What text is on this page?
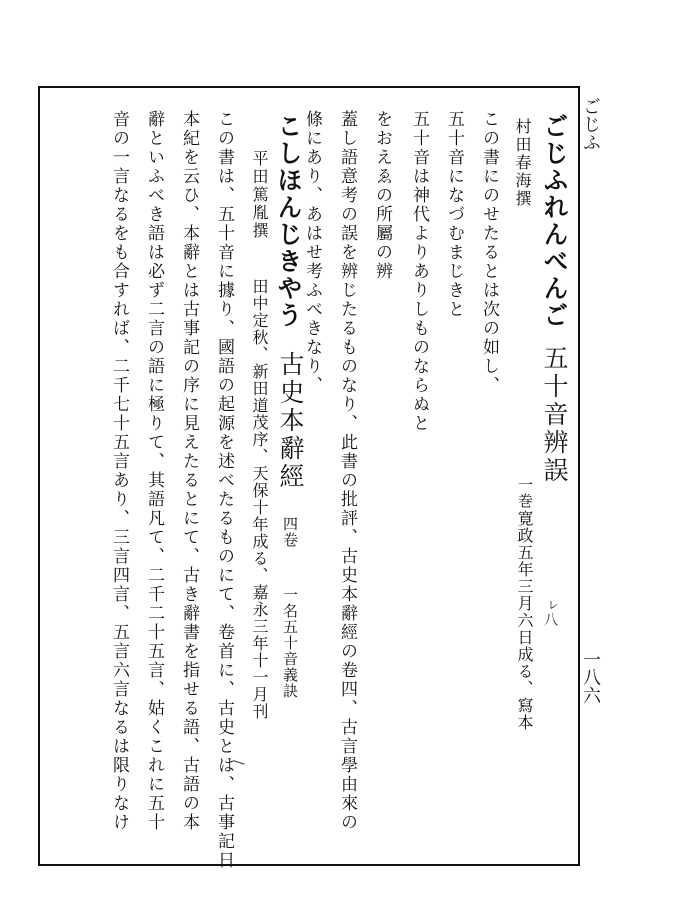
ごじふ
一八六
ごじふれんべんご
村田春海撰
五十音辨誤
一巻
寛政五年三月六日成る、寫本 ㇾ八

この書にのせたるとは次の如し、

五十音になづむまじきと

五十音は神代よりありしものならぬと

をおえゑの所屬の辨

蓋し語意考の誤を辨じたるものなり、此書の批評、古史本辭經の卷四、古言學由來の

條にあり、あはせ考ふべきなり、

こしほんじきやう
古史本辭經 四卷 一名五十音義訣
平田篤胤撰
田中定秋、新田道茂序、天保十年成る、嘉永三年十一月刊
/

この書は、五十音に據り、國語の起源を述べたるものにて、卷首に、古史とは、古事記日

本紀を云ひ、本辭とは古事記の序に見えたるとにて、古き辭書を指せる語、古語の本

辭といふべき語は必ず二言の語に極りて、其語凡て、二千二十五言、姑くこれに五十

音の一言なるをも合すれば、二千七十五言あり、三言四言、五言六言なるは限りなけ
